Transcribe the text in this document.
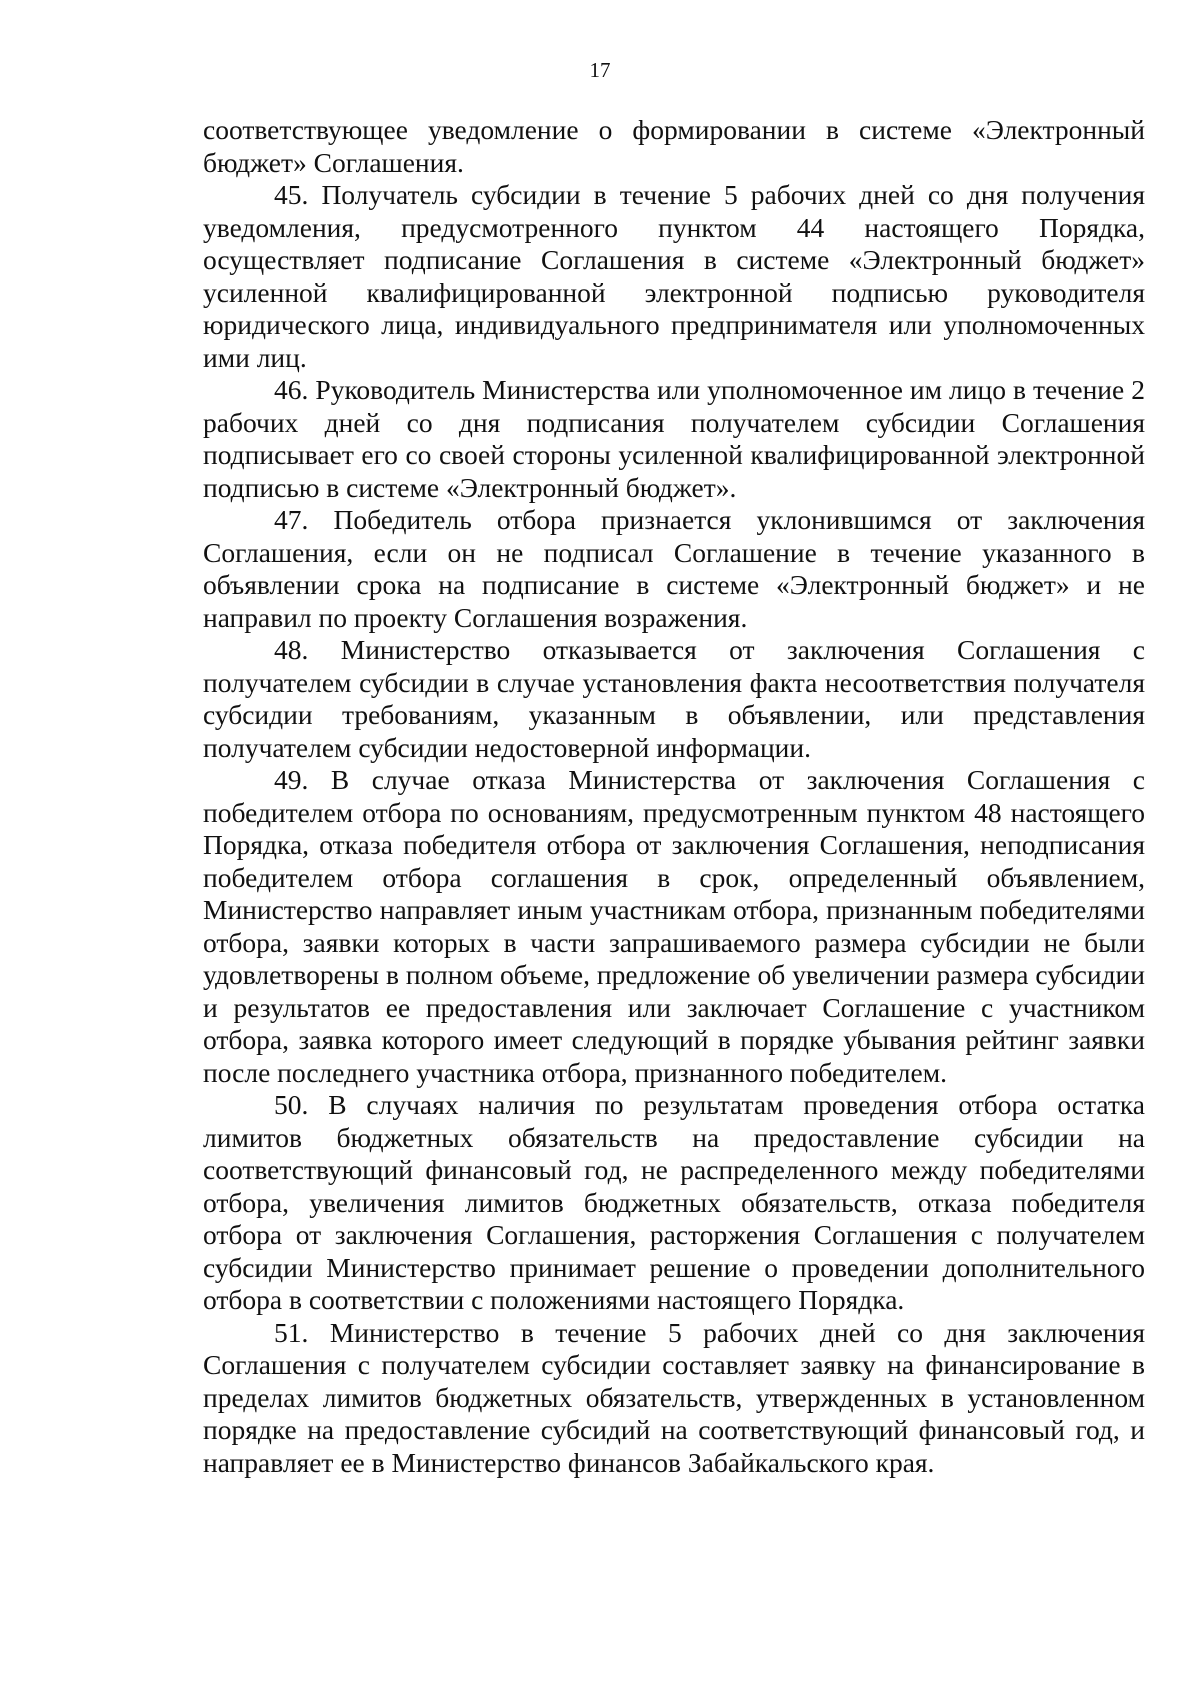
17

соответствующее уведомление о формировании в системе «Электронный бюджет» Соглашения.

45. Получатель субсидии в течение 5 рабочих дней со дня получения уведомления, предусмотренного пунктом 44 настоящего Порядка, осуществляет подписание Соглашения в системе «Электронный бюджет» усиленной квалифицированной электронной подписью руководителя юридического лица, индивидуального предпринимателя или уполномоченных ими лиц.

46. Руководитель Министерства или уполномоченное им лицо в течение 2 рабочих дней со дня подписания получателем субсидии Соглашения подписывает его со своей стороны усиленной квалифицированной электронной подписью в системе «Электронный бюджет».

47. Победитель отбора признается уклонившимся от заключения Соглашения, если он не подписал Соглашение в течение указанного в объявлении срока на подписание в системе «Электронный бюджет» и не направил по проекту Соглашения возражения.

48. Министерство отказывается от заключения Соглашения с получателем субсидии в случае установления факта несоответствия получателя субсидии требованиям, указанным в объявлении, или представления получателем субсидии недостоверной информации.

49. В случае отказа Министерства от заключения Соглашения с победителем отбора по основаниям, предусмотренным пунктом 48 настоящего Порядка, отказа победителя отбора от заключения Соглашения, неподписания победителем отбора соглашения в срок, определенный объявлением, Министерство направляет иным участникам отбора, признанным победителями отбора, заявки которых в части запрашиваемого размера субсидии не были удовлетворены в полном объеме, предложение об увеличении размера субсидии и результатов ее предоставления или заключает Соглашение с участником отбора, заявка которого имеет следующий в порядке убывания рейтинг заявки после последнего участника отбора, признанного победителем.

50. В случаях наличия по результатам проведения отбора остатка лимитов бюджетных обязательств на предоставление субсидии на соответствующий финансовый год, не распределенного между победителями отбора, увеличения лимитов бюджетных обязательств, отказа победителя отбора от заключения Соглашения, расторжения Соглашения с получателем субсидии Министерство принимает решение о проведении дополнительного отбора в соответствии с положениями настоящего Порядка.

51. Министерство в течение 5 рабочих дней со дня заключения Соглашения с получателем субсидии составляет заявку на финансирование в пределах лимитов бюджетных обязательств, утвержденных в установленном порядке на предоставление субсидий на соответствующий финансовый год, и направляет ее в Министерство финансов Забайкальского края.
